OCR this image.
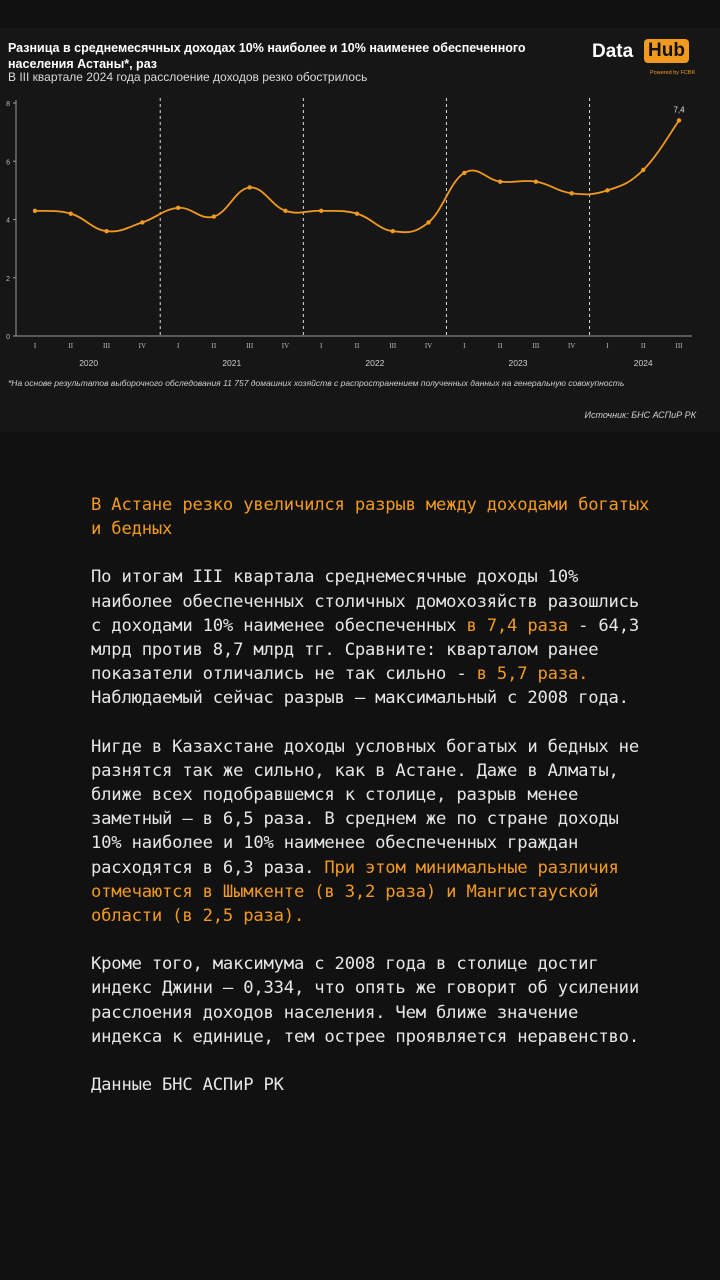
Разница в среднемесячных доходах 10% наиболее и 10% наименее обеспеченного населения Астаны*, раз
В III квартале 2024 года расслоение доходов резко обострилось
Data Hub
Powered by FCBK
0
2
4
6
8
2020	2021	2022	2023	2024
I	II	III	IV	I	II	III	IV	I	II	III	IV	I	II	III	IV	I	II	III
7,4
*На основе результатов выборочного обследования 11 757 домашних хозяйств с распространением полученных данных на генеральную совокупность
Источник: БНС АСПиР РК

В Астане резко увеличился разрыв между доходами богатых и бедных

По итогам III квартала среднемесячные доходы 10% наиболее обеспеченных столичных домохозяйств разошлись с доходами 10% наименее обеспеченных в 7,4 раза - 64,3 млрд против 8,7 млрд тг. Сравните: кварталом ранее показатели отличались не так сильно - в 5,7 раза. Наблюдаемый сейчас разрыв – максимальный с 2008 года.

Нигде в Казахстане доходы условных богатых и бедных не разнятся так же сильно, как в Астане. Даже в Алматы, ближе всех подобравшемся к столице, разрыв менее заметный – в 6,5 раза. В среднем же по стране доходы 10% наиболее и 10% наименее обеспеченных граждан расходятся в 6,3 раза. При этом минимальные различия отмечаются в Шымкенте (в 3,2 раза) и Мангистауской области (в 2,5 раза).

Кроме того, максимума с 2008 года в столице достиг индекс Джини – 0,334, что опять же говорит об усилении расслоения доходов населения. Чем ближе значение индекса к единице, тем острее проявляется неравенство.

Данные БНС АСПиР РК
